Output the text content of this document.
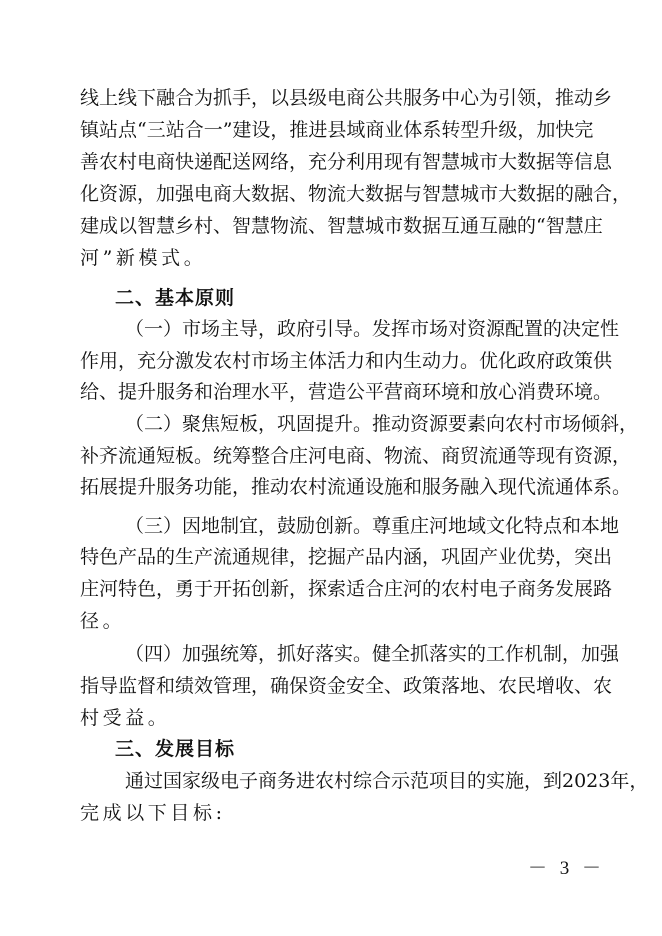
线上线下融合为抓手，以县级电商公共服务中心为引领，推动乡
镇站点“三站合一”建设，推进县域商业体系转型升级，加快完
善农村电商快递配送网络，充分利用现有智慧城市大数据等信息
化资源，加强电商大数据、物流大数据与智慧城市大数据的融合，
建成以智慧乡村、智慧物流、智慧城市数据互通互融的“智慧庄
河”新模式。
二、基本原则
（一）市场主导，政府引导。发挥市场对资源配置的决定性
作用，充分激发农村市场主体活力和内生动力。优化政府政策供
给、提升服务和治理水平，营造公平营商环境和放心消费环境。
（二）聚焦短板，巩固提升。推动资源要素向农村市场倾斜，
补齐流通短板。统筹整合庄河电商、物流、商贸流通等现有资源，
拓展提升服务功能，推动农村流通设施和服务融入现代流通体系。
（三）因地制宜，鼓励创新。尊重庄河地域文化特点和本地
特色产品的生产流通规律，挖掘产品内涵，巩固产业优势，突出
庄河特色，勇于开拓创新，探索适合庄河的农村电子商务发展路
径。
（四）加强统筹，抓好落实。健全抓落实的工作机制，加强
指导监督和绩效管理，确保资金安全、政策落地、农民增收、农
村受益。
三、发展目标
通过国家级电子商务进农村综合示范项目的实施，到2023年，
完成以下目标:
－ 3 －
